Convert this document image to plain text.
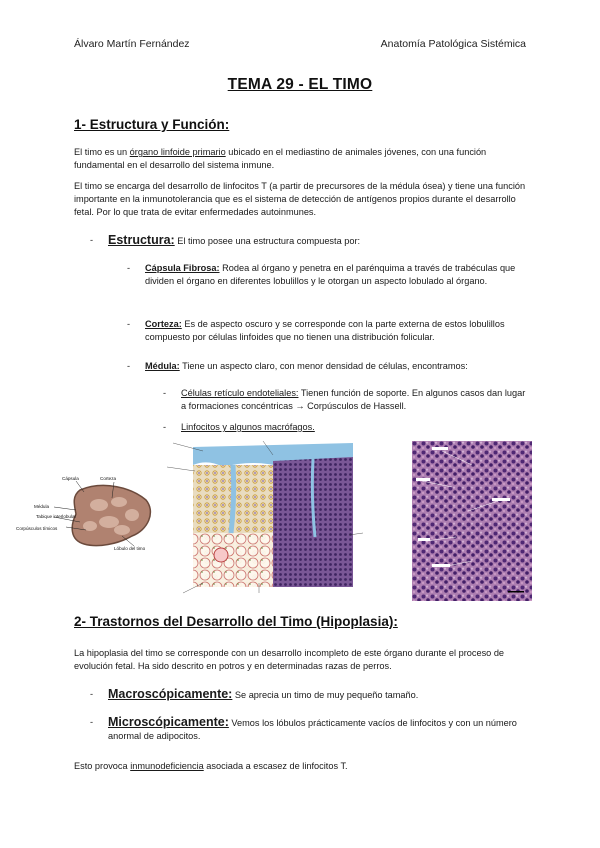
Álvaro Martín Fernández	Anatomía Patológica Sistémica
TEMA 29 - EL TIMO
1- Estructura y Función:
El timo es un órgano linfoide primario ubicado en el mediastino de animales jóvenes, con una función fundamental en el desarrollo del sistema inmune.
El timo se encarga del desarrollo de linfocitos T (a partir de precursores de la médula ósea) y tiene una función importante en la inmunotolerancia que es el sistema de detección de antígenos propios durante el desarrollo fetal. Por lo que trata de evitar enfermedades autoinmunes.
- Estructura: El timo posee una estructura compuesta por:
- Cápsula Fibrosa: Rodea al órgano y penetra en el parénquima a través de trabéculas que dividen el órgano en diferentes lobulillos y le otorgan un aspecto lobulado al órgano.
- Corteza: Es de aspecto oscuro y se corresponde con la parte externa de estos lobulillos compuesto por células linfoides que no tienen una distribución folicular.
- Médula: Tiene un aspecto claro, con menor densidad de células, encontramos:
- Células retículo endoteliales: Tienen función de soporte. En algunos casos dan lugar a formaciones concéntricas → Corpúsculos de Hassell.
- Linfocitos y algunos macrófagos.
Cápsula	Corteza
Médula
Tabique interlobular
Corpúsculos tímicos
Lóbulo del timo
2- Trastornos del Desarrollo del Timo (Hipoplasia):
La hipoplasia del timo se corresponde con un desarrollo incompleto de este órgano durante el proceso de evolución fetal. Ha sido descrito en potros y en determinadas razas de perros.
- Macroscópicamente: Se aprecia un timo de muy pequeño tamaño.
- Microscópicamente: Vemos los lóbulos prácticamente vacíos de linfocitos y con un número anormal de adipocitos.
Esto provoca inmunodeficiencia asociada a escasez de linfocitos T.
